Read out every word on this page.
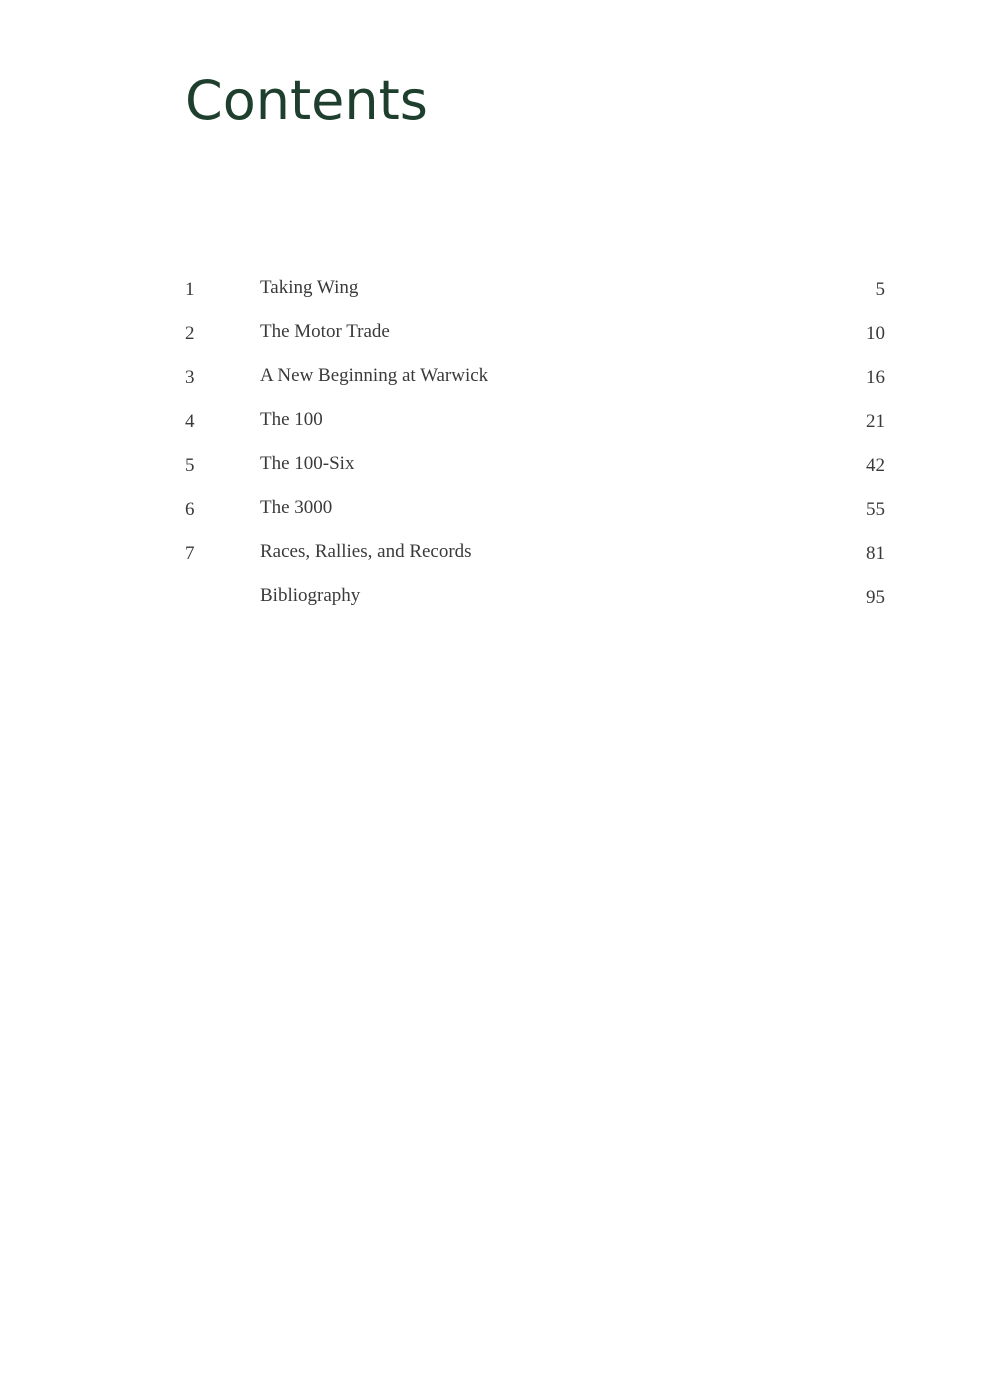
Contents
1	Taking Wing	5
2	The Motor Trade	10
3	A New Beginning at Warwick	16
4	The 100	21
5	The 100-Six	42
6	The 3000	55
7	Races, Rallies, and Records	81
Bibliography	95
